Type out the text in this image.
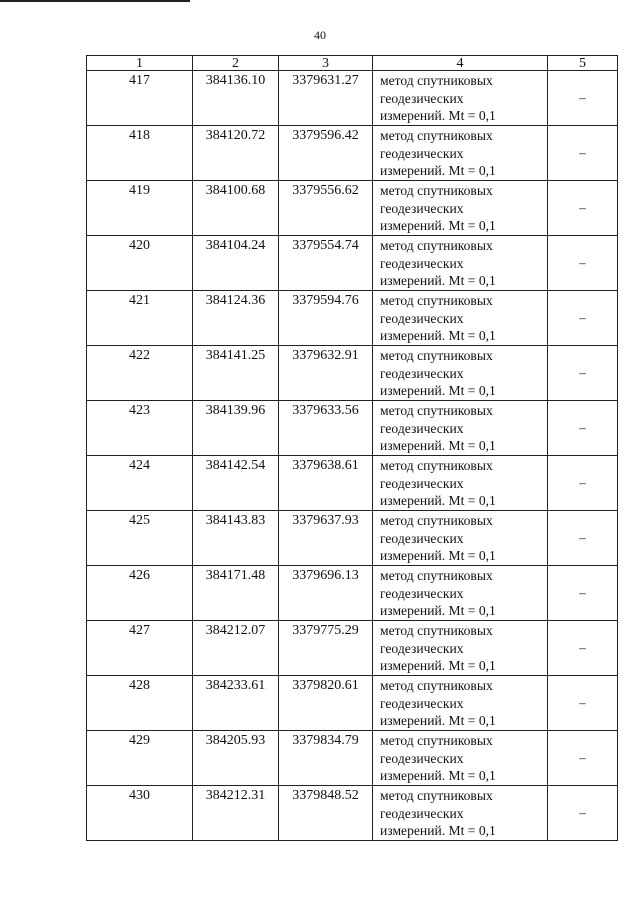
40
1	2	3	4	5
417	384136.10	3379631.27	метод спутниковых
геодезических
измерений. Mt = 0,1	–
418	384120.72	3379596.42	метод спутниковых
геодезических
измерений. Mt = 0,1	–
419	384100.68	3379556.62	метод спутниковых
геодезических
измерений. Mt = 0,1	–
420	384104.24	3379554.74	метод спутниковых
геодезических
измерений. Mt = 0,1	–
421	384124.36	3379594.76	метод спутниковых
геодезических
измерений. Mt = 0,1	–
422	384141.25	3379632.91	метод спутниковых
геодезических
измерений. Mt = 0,1	–
423	384139.96	3379633.56	метод спутниковых
геодезических
измерений. Mt = 0,1	–
424	384142.54	3379638.61	метод спутниковых
геодезических
измерений. Mt = 0,1	–
425	384143.83	3379637.93	метод спутниковых
геодезических
измерений. Mt = 0,1	–
426	384171.48	3379696.13	метод спутниковых
геодезических
измерений. Mt = 0,1	–
427	384212.07	3379775.29	метод спутниковых
геодезических
измерений. Mt = 0,1	–
428	384233.61	3379820.61	метод спутниковых
геодезических
измерений. Mt = 0,1	–
429	384205.93	3379834.79	метод спутниковых
геодезических
измерений. Mt = 0,1	–
430	384212.31	3379848.52	метод спутниковых
геодезических
измерений. Mt = 0,1	–
